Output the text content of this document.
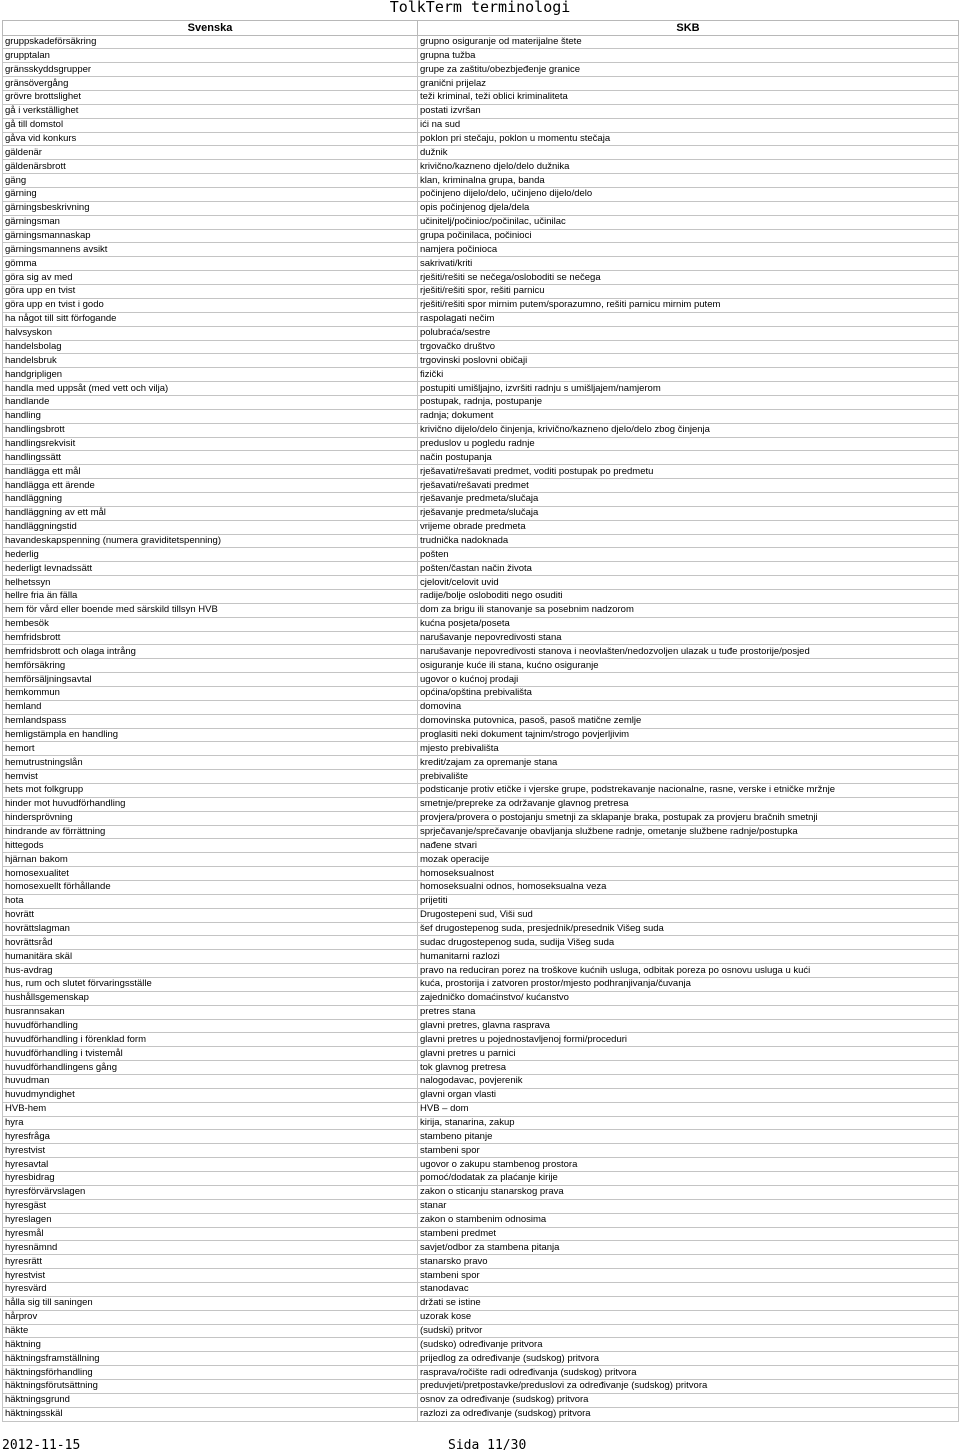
TolkTerm terminologi
Svenska	SKB
gruppskadeförsäkring	grupno osiguranje od materijalne štete
grupptalan	grupna tužba
gränsskyddsgrupper	grupe za zaštitu/obezbjeđenje granice
gränsövergång	granični prijelaz
grövre brottslighet	teži kriminal, teži oblici kriminaliteta
gå i verkställighet	postati izvršan
gå till domstol	ići na sud
gåva vid konkurs	poklon pri stečaju, poklon u momentu stečaja
gäldenär	dužnik
gäldenärsbrott	krivično/kazneno djelo/delo dužnika
gäng	klan, kriminalna grupa, banda
gärning	počinjeno dijelo/delo, učinjeno dijelo/delo
gärningsbeskrivning	opis počinjenog djela/dela
gärningsman	učinitelj/počinioc/počinilac, učinilac
gärningsmannaskap	grupa počinilaca, počinioci
gärningsmannens avsikt	namjera počinioca
gömma	sakrivati/kriti
göra sig av med	rješiti/rešiti se nečega/osloboditi se nečega
göra upp en tvist	rješiti/rešiti spor, rešiti parnicu
göra upp en tvist i godo	rješiti/rešiti spor mirnim putem/sporazumno, rešiti parnicu mirnim putem
ha något till sitt förfogande	raspolagati nečim
halvsyskon	polubraća/sestre
handelsbolag	trgovačko društvo
handelsbruk	trgovinski poslovni običaji
handgripligen	fizički
handla med uppsåt (med vett och vilja)	postupiti umišljajno, izvršiti radnju s umišljajem/namjerom
handlande	postupak, radnja, postupanje
handling	radnja; dokument
handlingsbrott	krivično dijelo/delo činjenja, krivično/kazneno djelo/delo zbog činjenja
handlingsrekvisit	preduslov u pogledu radnje
handlingssätt	način postupanja
handlägga ett mål	rješavati/rešavati predmet, voditi postupak po predmetu
handlägga ett ärende	rješavati/rešavati predmet
handläggning	rješavanje predmeta/slučaja
handläggning av ett mål	rješavanje predmeta/slučaja
handläggningstid	vrijeme obrade predmeta
havandeskapspenning (numera graviditetspenning)	trudnička nadoknada
hederlig	pošten
hederligt levnadssätt	pošten/častan način života
helhetssyn	cjelovit/celovit uvid
hellre fria än fälla	radije/bolje osloboditi nego osuditi
hem för vård eller boende med särskild tillsyn HVB	dom za brigu ili stanovanje sa posebnim nadzorom
hembesök	kućna posjeta/poseta
hemfridsbrott	narušavanje nepovredivosti stana
hemfridsbrott och olaga intrång	narušavanje nepovredivosti stanova i neovlašten/nedozvoljen ulazak u tuđe prostorije/posjed
hemförsäkring	osiguranje kuće ili stana, kućno osiguranje
hemförsäljningsavtal	ugovor o kućnoj prodaji
hemkommun	općina/opština prebivališta
hemland	domovina
hemlandspass	domovinska putovnica, pasoš, pasoš matične zemlje
hemligstämpla en handling	proglasiti neki dokument tajnim/strogo povjerljivim
hemort	mjesto prebivališta
hemutrustningslån	kredit/zajam za opremanje stana
hemvist	prebivalište
hets mot folkgrupp	podsticanje protiv etičke i vjerske grupe, podstrekavanje nacionalne, rasne, verske i etničke mržnje
hinder mot huvudförhandling	smetnje/prepreke za održavanje glavnog pretresa
hindersprövning	provjera/provera o postojanju smetnji za sklapanje braka, postupak za provjeru bračnih smetnji
hindrande av förrättning	sprječavanje/sprečavanje obavljanja službene radnje, ometanje službene radnje/postupka
hittegods	nađene stvari
hjärnan bakom	mozak operacije
homosexualitet	homoseksualnost
homosexuellt förhållande	homoseksualni odnos, homoseksualna veza
hota	prijetiti
hovrätt	Drugostepeni sud, Viši sud
hovrättslagman	šef drugostepenog suda, presjednik/presednik Višeg suda
hovrättsråd	sudac drugostepenog suda, sudija Višeg suda
humanitära skäl	humanitarni razlozi
hus-avdrag	pravo na reduciran porez na troškove kućnih usluga, odbitak poreza po osnovu usluga u kući
hus, rum och slutet förvaringsställe	kuća, prostorija i zatvoren prostor/mjesto podhranjivanja/čuvanja
hushållsgemenskap	zajedničko domaćinstvo/ kućanstvo
husrannsakan	pretres stana
huvudförhandling	glavni pretres, glavna rasprava
huvudförhandling i förenklad form	glavni pretres u pojednostavljenoj formi/proceduri
huvudförhandling i tvistemål	glavni pretres u parnici
huvudförhandlingens gång	tok glavnog pretresa
huvudman	nalogodavac, povjerenik
huvudmyndighet	glavni organ vlasti
HVB-hem	HVB – dom
hyra	kirija, stanarina, zakup
hyresfråga	stambeno pitanje
hyrestvist	stambeni spor
hyresavtal	ugovor o zakupu stambenog prostora
hyresbidrag	pomoć/dodatak za plaćanje kirije
hyresförvärvslagen	zakon o sticanju stanarskog prava
hyresgäst	stanar
hyreslagen	zakon o stambenim odnosima
hyresmål	stambeni predmet
hyresnämnd	savjet/odbor za stambena pitanja
hyresrätt	stanarsko pravo
hyrestvist	stambeni spor
hyresvärd	stanodavac
hålla sig till saningen	držati se istine
hårprov	uzorak kose
häkte	(sudski) pritvor
häktning	(sudsko) određivanje pritvora
häktningsframställning	prijedlog za određivanje (sudskog) pritvora
häktningsförhandling	rasprava/ročište radi određivanja (sudskog) pritvora
häktningsförutsättning	preduvjeti/pretpostavke/preduslovi za određivanje (sudskog) pritvora
häktningsgrund	osnov za određivanje (sudskog) pritvora
häktningsskäl	razlozi za određivanje (sudskog) pritvora
2012-11-15	Sida 11/30
